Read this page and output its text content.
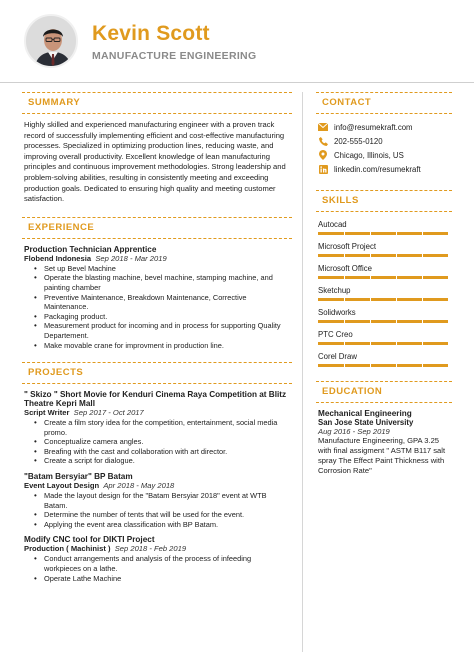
Kevin Scott
MANUFACTURE ENGINEERING
SUMMARY
Highly skilled and experienced manufacturing engineer with a proven track record of successfully implementing efficient and cost-effective manufacturing processes. Specialized in optimizing production lines, reducing waste, and improving overall productivity. Excellent knowledge of lean manufacturing principles and continuous improvement methodologies. Strong leadership and problem-solving abilities, resulting in consistently meeting and exceeding production goals. Dedicated to ensuring high quality and meeting customer satisfaction.
EXPERIENCE
Production Technician Apprentice
Flobend Indonesia Sep 2018 - Mar 2019
• Set up Bevel Machine
• Operate the blasting machine, bevel machine, stamping machine, and painting chamber
• Preventive Maintenance, Breakdown Maintenance, Corrective Maintenance.
• Packaging product.
• Measurement product for incoming and in process for supporting Quality Departement.
• Make movable crane for improvment in production line.
PROJECTS
" Skizo " Short Movie for Kenduri Cinema Raya Competition at Blitz Theatre Kepri Mall
Script Writer Sep 2017 - Oct 2017
• Create a film story idea for the competition, entertainment, social media promo.
• Conceptualize camera angles.
• Breafing with the cast and collaboration with art director.
• Create a script for dialogue.
"Batam Bersyiar" BP Batam
Event Layout Design Apr 2018 - May 2018
• Made the layout design for the "Batam Bersyiar 2018" event at WTB Batam.
• Determine the number of tents that will be used for the event.
• Applying the event area classification with BP Batam.
Modify CNC tool for DIKTI Project
Production ( Machinist ) Sep 2018 - Feb 2019
• Conduct arrangements and analysis of the process of infeeding workpieces on a lathe.
• Operate Lathe Machine
CONTACT
info@resumekraft.com
202-555-0120
Chicago, Illinois, US
linkedin.com/resumekraft
SKILLS
Autocad
Microsoft Project
Microsoft Office
Sketchup
Solidworks
PTC Creo
Corel Draw
EDUCATION
Mechanical Engineering
San Jose State University
Aug 2016 - Sep 2019
Manufacture Engineering, GPA 3.25 with final assigment " ASTM B117 salt spray The Effect Paint Thickness with Corrosion Rate"
